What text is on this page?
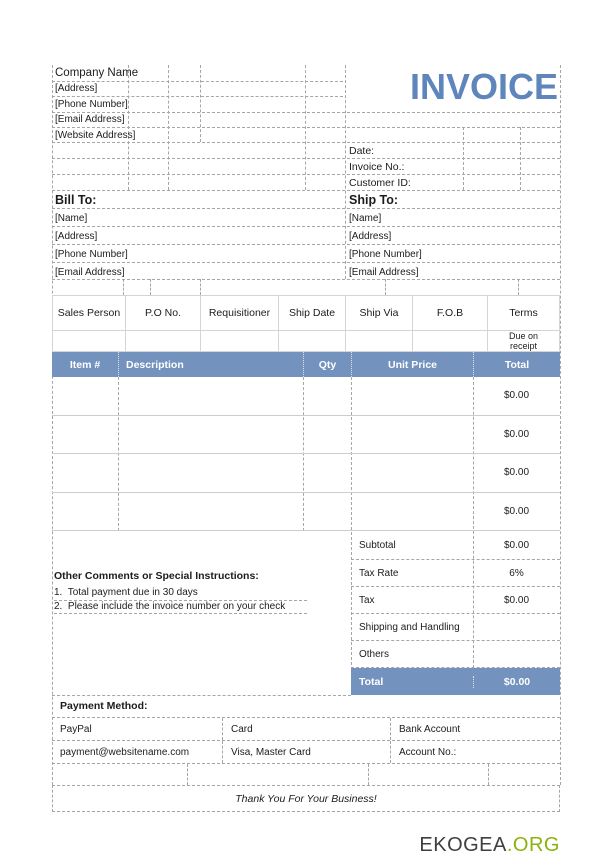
Company Name
[Address]
[Phone Number]
[Email Address]
[Website Address]
INVOICE
Date:
Invoice No.:
Customer ID:
Bill To:
[Name]
[Address]
[Phone Number]
[Email Address]
Ship To:
[Name]
[Address]
[Phone Number]
[Email Address]
Sales Person	P.O No.	Requisitioner	Ship Date	Ship Via	F.O.B	Terms
Due on receipt
Item #	Description	Qty	Unit Price	Total
$0.00
$0.00
$0.00
$0.00
Subtotal	$0.00
Tax Rate	6%
Tax	$0.00
Shipping and Handling
Others
Total	$0.00
Other Comments or Special Instructions:
1.  Total payment due in 30 days
2.  Please include the invoice number on your check
Payment Method:
PayPal	Card	Bank Account
payment@websitename.com	Visa, Master Card	Account No.:
Thank You For Your Business!
EKOGEA.ORG
